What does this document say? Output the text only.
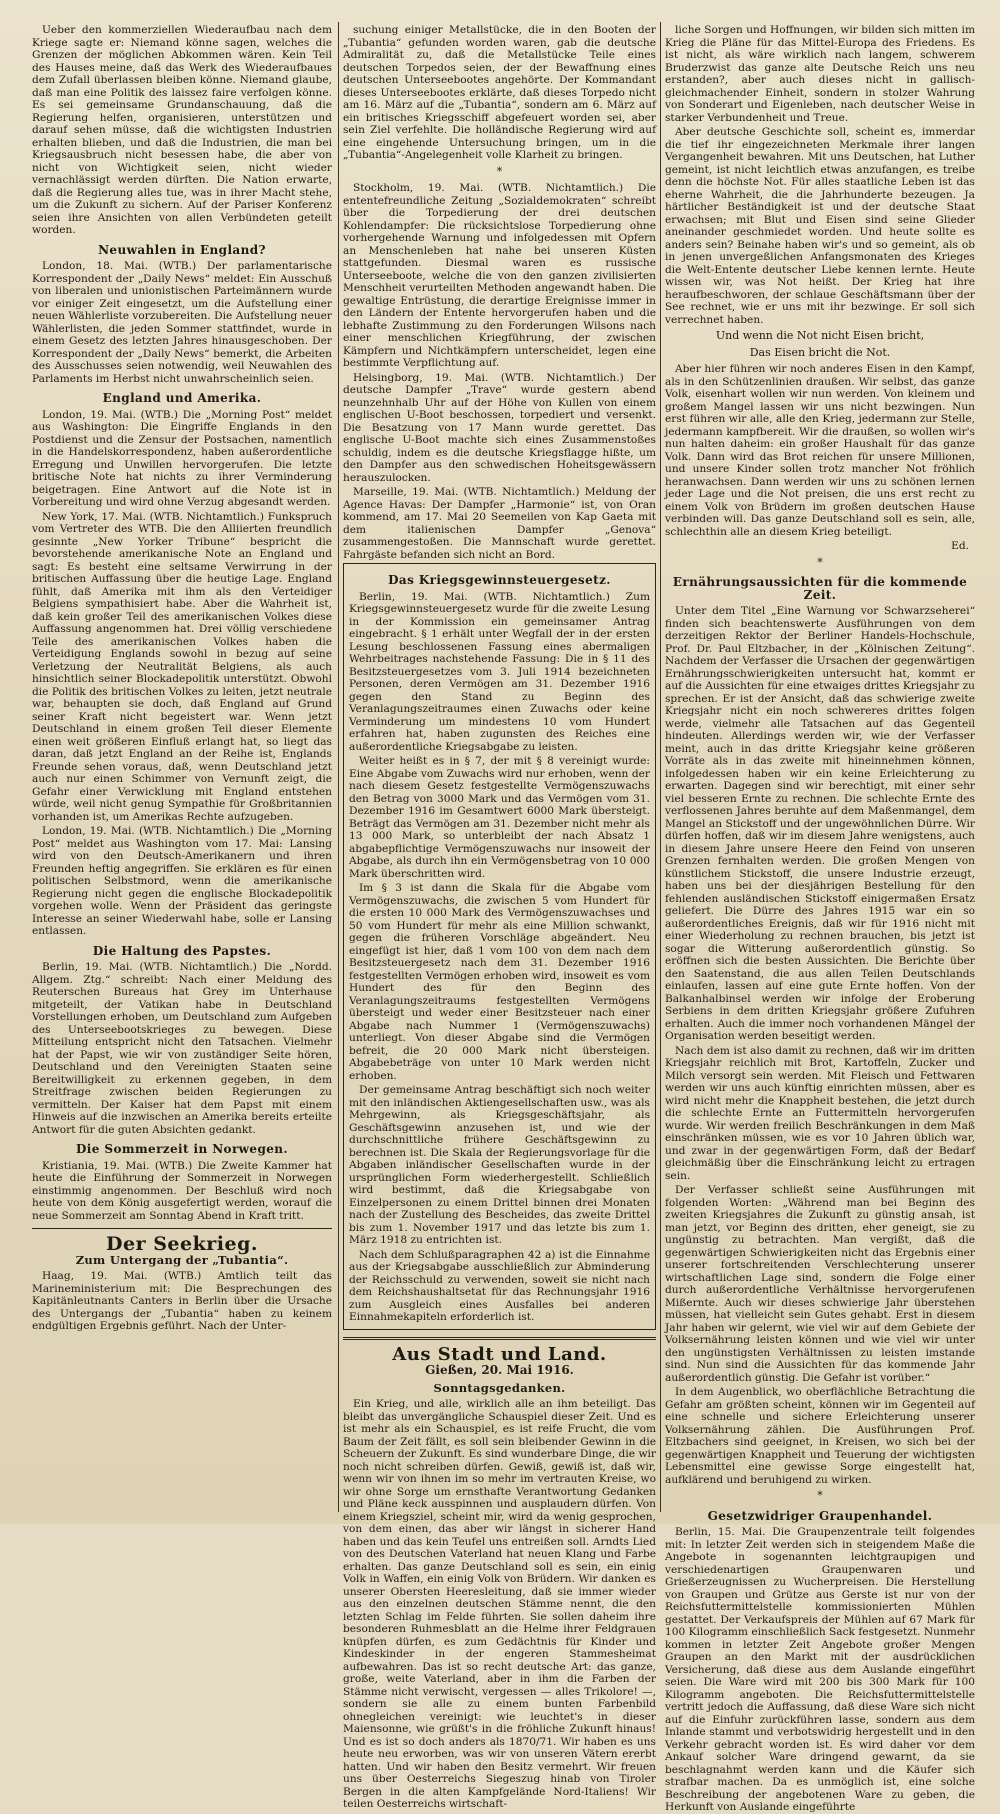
Ueber den kommerziellen Wiederaufbau nach dem Kriege sagte er: Niemand könne sagen, welches die Grenzen der möglichen Abkommen wären. Kein Teil des Hauses meine, daß das Werk des Wiederaufbaues dem Zufall überlassen bleiben könne. Niemand glaube, daß man eine Politik des laissez faire verfolgen könne. Es sei gemeinsame Grundanschauung, daß die Regierung helfen, organisieren, unterstützen und darauf sehen müsse, daß die wichtigsten Industrien erhalten blieben, und daß die Industrien, die man bei Kriegsausbruch nicht besessen habe, die aber von nicht von Wichtigkeit seien, nicht wieder vernachlässigt werden dürften. Die Nation erwarte, daß die Regierung alles tue, was in ihrer Macht stehe, um die Zukunft zu sichern. Auf der Pariser Konferenz seien ihre Ansichten von allen Verbündeten geteilt worden.

Neuwahlen in England?

London, 18. Mai. (WTB.) Der parlamentarische Korrespondent der „Daily News“ meldet: Ein Ausschuß von liberalen und unionistischen Parteimännern wurde vor einiger Zeit eingesetzt, um die Aufstellung einer neuen Wählerliste vorzubereiten. Die Aufstellung neuer Wählerlisten, die jeden Sommer stattfindet, wurde in einem Gesetz des letzten Jahres hinausgeschoben. Der Korrespondent der „Daily News“ bemerkt, die Arbeiten des Ausschusses seien notwendig, weil Neuwahlen des Parlaments im Herbst nicht unwahrscheinlich seien.

England und Amerika.

London, 19. Mai. (WTB.) Die „Morning Post“ meldet aus Washington: Die Eingriffe Englands in den Postdienst und die Zensur der Postsachen, namentlich in die Handelskorrespondenz, haben außerordentliche Erregung und Unwillen hervorgerufen. Die letzte britische Note hat nichts zu ihrer Verminderung beigetragen. Eine Antwort auf die Note ist in Vorbereitung und wird ohne Verzug abgesandt werden.

New York, 17. Mai. (WTB. Nichtamtlich.) Funkspruch vom Vertreter des WTB. Die den Alliierten freundlich gesinnte „New Yorker Tribune“ bespricht die bevorstehende amerikanische Note an England und sagt: Es besteht eine seltsame Verwirrung in der britischen Auffassung über die heutige Lage. England fühlt, daß Amerika mit ihm als den Verteidiger Belgiens sympathisiert habe. Aber die Wahrheit ist, daß kein großer Teil des amerikanischen Volkes diese Auffassung angenommen hat. Drei völlig verschiedene Teile des amerikanischen Volkes haben die Verteidigung Englands sowohl in bezug auf seine Verletzung der Neutralität Belgiens, als auch hinsichtlich seiner Blockadepolitik unterstützt. Obwohl die Politik des britischen Volkes zu leiten, jetzt neutrale war, behaupten sie doch, daß England auf Grund seiner Kraft nicht begeistert war. Wenn jetzt Deutschland in einem großen Teil dieser Elemente einen weit größeren Einfluß erlangt hat, so liegt das daran, daß jetzt England an der Reihe ist, Englands Freunde sehen voraus, daß, wenn Deutschland jetzt auch nur einen Schimmer von Vernunft zeigt, die Gefahr einer Verwicklung mit England entstehen würde, weil nicht genug Sympathie für Großbritannien vorhanden ist, um Amerikas Rechte aufzugeben.

London, 19. Mai. (WTB. Nichtamtlich.) Die „Morning Post“ meldet aus Washington vom 17. Mai: Lansing wird von den Deutsch-Amerikanern und ihren Freunden heftig angegriffen. Sie erklären es für einen politischen Selbstmord, wenn die amerikanische Regierung nicht gegen die englische Blockadepolitik vorgehen wolle. Wenn der Präsident das geringste Interesse an seiner Wiederwahl habe, solle er Lansing entlassen.

Die Haltung des Papstes.

Berlin, 19. Mai. (WTB. Nichtamtlich.) Die „Nordd. Allgem. Ztg.“ schreibt: Nach einer Meldung des Reuterschen Bureaus hat Grey im Unterhause mitgeteilt, der Vatikan habe in Deutschland Vorstellungen erhoben, um Deutschland zum Aufgeben des Unterseebootskrieges zu bewegen. Diese Mitteilung entspricht nicht den Tatsachen. Vielmehr hat der Papst, wie wir von zuständiger Seite hören, Deutschland und den Vereinigten Staaten seine Bereitwilligkeit zu erkennen gegeben, in dem Streitfrage zwischen beiden Regierungen zu vermitteln. Der Kaiser hat dem Papst mit einem Hinweis auf die inzwischen an Amerika bereits erteilte Antwort für die guten Absichten gedankt.

Die Sommerzeit in Norwegen.

Kristiania, 19. Mai. (WTB.) Die Zweite Kammer hat heute die Einführung der Sommerzeit in Norwegen einstimmig angenommen. Der Beschluß wird noch heute von dem König ausgefertigt werden, worauf die neue Sommerzeit am Sonntag Abend in Kraft tritt.

Der Seekrieg.
Zum Untergang der „Tubantia“.

Haag, 19. Mai. (WTB.) Amtlich teilt das Marineministerium mit: Die Besprechungen des Kapitänleutnants Canters in Berlin über die Ursache des Untergangs der „Tubantia“ haben zu keinem endgültigen Ergebnis geführt. Nach der Unter-

suchung einiger Metallstücke, die in den Booten der „Tubantia“ gefunden worden waren, gab die deutsche Admiralität zu, daß die Metallstücke Teile eines deutschen Torpedos seien, der der Bewaffnung eines deutschen Unterseebootes angehörte. Der Kommandant dieses Unterseebootes erklärte, daß dieses Torpedo nicht am 16. März auf die „Tubantia“, sondern am 6. März auf ein britisches Kriegsschiff abgefeuert worden sei, aber sein Ziel verfehlte. Die holländische Regierung wird auf eine eingehende Untersuchung bringen, um in die „Tubantia“-Angelegenheit volle Klarheit zu bringen.

*

Stockholm, 19. Mai. (WTB. Nichtamtlich.) Die ententefreundliche Zeitung „Sozialdemokraten“ schreibt über die Torpedierung der drei deutschen Kohlendampfer: Die rücksichtslose Torpedierung ohne vorhergehende Warnung und infolgedessen mit Opfern an Menschenleben hat nahe bei unseren Küsten stattgefunden. Diesmal waren es russische Unterseeboote, welche die von den ganzen zivilisierten Menschheit verurteilten Methoden angewandt haben. Die gewaltige Entrüstung, die derartige Ereignisse immer in den Ländern der Entente hervorgerufen haben und die lebhafte Zustimmung zu den Forderungen Wilsons nach einer menschlichen Kriegführung, der zwischen Kämpfern und Nichtkämpfern unterscheidet, legen eine bestimmte Verpflichtung auf.

Helsingborg, 19. Mai. (WTB. Nichtamtlich.) Der deutsche Dampfer „Trave“ wurde gestern abend neunzehnhalb Uhr auf der Höhe von Kullen von einem englischen U-Boot beschossen, torpediert und versenkt. Die Besatzung von 17 Mann wurde gerettet. Das englische U-Boot machte sich eines Zusammenstoßes schuldig, indem es die deutsche Kriegsflagge hißte, um den Dampfer aus den schwedischen Hoheitsgewässern herauszulocken.

Marseille, 19. Mai. (WTB. Nichtamtlich.) Meldung der Agence Havas: Der Dampfer „Harmonie“ ist, von Oran kommend, am 17. Mai 20 Seemeilen von Kap Gaeta mit dem italienischen Dampfer „Genova“ zusammengestoßen. Die Mannschaft wurde gerettet. Fahrgäste befanden sich nicht an Bord.

Das Kriegsgewinnsteuergesetz.

Berlin, 19. Mai. (WTB. Nichtamtlich.) Zum Kriegsgewinnsteuergesetz wurde für die zweite Lesung in der Kommission ein gemeinsamer Antrag eingebracht. § 1 erhält unter Wegfall der in der ersten Lesung beschlossenen Fassung eines abermaligen Wehrbeitrages nachstehende Fassung: Die in § 11 des Besitzsteuergesetzes vom 3. Juli 1914 bezeichneten Personen, deren Vermögen am 31. Dezember 1916 gegen den Stand zu Beginn des Veranlagungszeitraumes einen Zuwachs oder keine Verminderung um mindestens 10 vom Hundert erfahren hat, haben zugunsten des Reiches eine außerordentliche Kriegsabgabe zu leisten.

Weiter heißt es in § 7, der mit § 8 vereinigt wurde: Eine Abgabe vom Zuwachs wird nur erhoben, wenn der nach diesem Gesetz festgestellte Vermögenszuwachs den Betrag von 3000 Mark und das Vermögen vom 31. Dezember 1916 im Gesamtwert 6000 Mark übersteigt. Beträgt das Vermögen am 31. Dezember nicht mehr als 13 000 Mark, so unterbleibt der nach Absatz 1 abgabepflichtige Vermögenszuwachs nur insoweit der Abgabe, als durch ihn ein Vermögensbetrag von 10 000 Mark überschritten wird.

Im § 3 ist dann die Skala für die Abgabe vom Vermögenszuwachs, die zwischen 5 vom Hundert für die ersten 10 000 Mark des Vermögenszuwachses und 50 vom Hundert für mehr als eine Million schwankt, gegen die früheren Vorschläge abgeändert. Neu eingefügt ist hier, daß 1 vom 100 von dem nach dem Besitzsteuergesetz nach dem 31. Dezember 1916 festgestellten Vermögen erhoben wird, insoweit es vom Hundert des für den Beginn des Veranlagungszeitraums festgestellten Vermögens übersteigt und weder einer Besitzsteuer nach einer Abgabe nach Nummer 1 (Vermögenszuwachs) unterliegt. Von dieser Abgabe sind die Vermögen befreit, die 20 000 Mark nicht übersteigen. Abgabebeträge von unter 10 Mark werden nicht erhoben.

Der gemeinsame Antrag beschäftigt sich noch weiter mit den inländischen Aktiengesellschaften usw., was als Mehrgewinn, als Kriegsgeschäftsjahr, als Geschäftsgewinn anzusehen ist, und wie der durchschnittliche frühere Geschäftsgewinn zu berechnen ist. Die Skala der Regierungsvorlage für die Abgaben inländischer Gesellschaften wurde in der ursprünglichen Form wiederhergestellt. Schließlich wird bestimmt, daß die Kriegsabgabe von Einzelpersonen zu einem Drittel binnen drei Monaten nach der Zustellung des Bescheides, das zweite Drittel bis zum 1. November 1917 und das letzte bis zum 1. März 1918 zu entrichten ist.

Nach dem Schlußparagraphen 42 a) ist die Einnahme aus der Kriegsabgabe ausschließlich zur Abminderung der Reichsschuld zu verwenden, soweit sie nicht nach dem Reichshaushaltsetat für das Rechnungsjahr 1916 zum Ausgleich eines Ausfalles bei anderen Einnahmekapiteln erforderlich ist.

Aus Stadt und Land.
Gießen, 20. Mai 1916.
Sonntagsgedanken.

Ein Krieg, und alle, wirklich alle an ihm beteiligt. Das bleibt das unvergängliche Schauspiel dieser Zeit. Und es ist mehr als ein Schauspiel, es ist reife Frucht, die vom Baum der Zeit fällt, es soll sein bleibender Gewinn in die Scheuern der Zukunft. Es sind wunderbare Dinge, die wir noch nicht schreiben dürfen. Gewiß, gewiß ist, daß wir, wenn wir von ihnen im so mehr im vertrauten Kreise, wo wir ohne Sorge um ernsthafte Verantwortung Gedanken und Pläne keck ausspinnen und ausplaudern dürfen. Von einem Kriegsziel, scheint mir, wird da wenig gesprochen, von dem einen, das aber wir längst in sicherer Hand haben und das kein Teufel uns entreißen soll. Arndts Lied von des Deutschen Vaterland hat neuen Klang und Farbe erhalten. Das ganze Deutschland soll es sein, ein einig Volk in Waffen, ein einig Volk von Brüdern. Wir danken es unserer Obersten Heeresleitung, daß sie immer wieder aus den einzelnen deutschen Stämme nennt, die den letzten Schlag im Felde führten. Sie sollen daheim ihre besonderen Ruhmesblatt an die Helme ihrer Feldgrauen knüpfen dürfen, es zum Gedächtnis für Kinder und Kindeskinder in der engeren Stammesheimat aufbewahren. Das ist so recht deutsche Art: das ganze, große, weite Vaterland, aber in ihm die Farben der Stämme nicht verwischt, vergessen — alles Trikolore! —, sondern sie alle zu einem bunten Farbenbild ohnegleichen vereinigt: wie leuchtet's in dieser Maiensonne, wie grüßt's in die fröhliche Zukunft hinaus! Und es ist so doch anders als 1870/71. Wir haben es uns heute neu erworben, was wir von unseren Vätern ererbt hatten. Und wir haben den Besitz vermehrt. Wir freuen uns über Oesterreichs Siegeszug hinab von Tiroler Bergen in die alten Kampfgelände Nord-Italiens! Wir teilen Oesterreichs wirtschaft-

liche Sorgen und Hoffnungen, wir bilden sich mitten im Krieg die Pläne für das Mittel-Europa des Friedens. Es ist nicht, als wäre wirklich nach langem, schwerem Bruderzwist das ganze alte Deutsche Reich uns neu erstanden?, aber auch dieses nicht in gallisch-gleichmachender Einheit, sondern in stolzer Wahrung von Sonderart und Eigenleben, nach deutscher Weise in starker Verbundenheit und Treue.

Aber deutsche Geschichte soll, scheint es, immerdar die tief ihr eingezeichneten Merkmale ihrer langen Vergangenheit bewahren. Mit uns Deutschen, hat Luther gemeint, ist nicht leichtlich etwas anzufangen, es treibe denn die höchste Not. Für alles staatliche Leben ist das eherne Wahrheit, die die Jahrhunderte bezeugen. Ja härtlicher Beständigkeit ist und der deutsche Staat erwachsen; mit Blut und Eisen sind seine Glieder aneinander geschmiedet worden. Und heute sollte es anders sein? Beinahe haben wir's und so gemeint, als ob in jenen unvergeßlichen Anfangsmonaten des Krieges die Welt-Entente deutscher Liebe kennen lernte. Heute wissen wir, was Not heißt. Der Krieg hat ihre heraufbeschworen, der schlaue Geschäftsmann über der See rechnet, wie er uns mit ihr bezwinge. Er soll sich verrechnet haben.

Und wenn die Not nicht Eisen bricht,
Das Eisen bricht die Not.

Aber hier führen wir noch anderes Eisen in den Kampf, als in den Schützenlinien draußen. Wir selbst, das ganze Volk, eisenhart wollen wir nun werden. Von kleinem und großem Mangel lassen wir uns nicht bezwingen. Nun erst führen wir alle, alle den Krieg, jedermann zur Stelle, jedermann kampfbereit. Wir die draußen, so wollen wir's nun halten daheim: ein großer Haushalt für das ganze Volk. Dann wird das Brot reichen für unsere Millionen, und unsere Kinder sollen trotz mancher Not fröhlich heranwachsen. Dann werden wir uns zu schönen lernen jeder Lage und die Not preisen, die uns erst recht zu einem Volk von Brüdern im großen deutschen Hause verbinden will. Das ganze Deutschland soll es sein, alle, schlechthin alle an diesem Krieg beteiligt.

Ed.
*
Ernährungsaussichten für die kommende Zeit.

Unter dem Titel „Eine Warnung vor Schwarzseherei“ finden sich beachtenswerte Ausführungen von dem derzeitigen Rektor der Berliner Handels-Hochschule, Prof. Dr. Paul Eltzbacher, in der „Kölnischen Zeitung“. Nachdem der Verfasser die Ursachen der gegenwärtigen Ernährungsschwierigkeiten untersucht hat, kommt er auf die Aussichten für eine etwaiges drittes Kriegsjahr zu sprechen. Er ist der Ansicht, daß das schwierige zweite Kriegsjahr nicht ein noch schwereres drittes folgen werde, vielmehr alle Tatsachen auf das Gegenteil hindeuten. Allerdings werden wir, wie der Verfasser meint, auch in das dritte Kriegsjahr keine größeren Vorräte als in das zweite mit hineinnehmen können, infolgedessen haben wir ein keine Erleichterung zu erwarten. Dagegen sind wir berechtigt, mit einer sehr viel besseren Ernte zu rechnen. Die schlechte Ernte des verflossenen Jahres beruhte auf dem Maßenmangel, dem Mangel an Stickstoff und der ungewöhnlichen Dürre. Wir dürfen hoffen, daß wir im diesem Jahre wenigstens, auch in diesem Jahre unsere Heere den Feind von unseren Grenzen fernhalten werden. Die großen Mengen von künstlichem Stickstoff, die unsere Industrie erzeugt, haben uns bei der diesjährigen Bestellung für den fehlenden ausländischen Stickstoff einigermaßen Ersatz geliefert. Die Dürre des Jahres 1915 war ein so außerordentliches Ereignis, daß wir für 1916 nicht mit einer Wiederholung zu rechnen brauchen, bis jetzt ist sogar die Witterung außerordentlich günstig. So eröffnen sich die besten Aussichten. Die Berichte über den Saatenstand, die aus allen Teilen Deutschlands einlaufen, lassen auf eine gute Ernte hoffen. Von der Balkanhalbinsel werden wir infolge der Eroberung Serbiens in dem dritten Kriegsjahr größere Zufuhren erhalten. Auch die immer noch vorhandenen Mängel der Organisation werden beseitigt werden.

Nach dem ist also damit zu rechnen, daß wir im dritten Kriegsjahr reichlich mit Brot, Kartoffeln, Zucker und Milch versorgt sein werden. Mit Fleisch und Fettwaren werden wir uns auch künftig einrichten müssen, aber es wird nicht mehr die Knappheit bestehen, die jetzt durch die schlechte Ernte an Futtermitteln hervorgerufen wurde. Wir werden freilich Beschränkungen in dem Maß einschränken müssen, wie es vor 10 Jahren üblich war, und zwar in der gegenwärtigen Form, daß der Bedarf gleichmäßig über die Einschränkung leicht zu ertragen sein.

Der Verfasser schließt seine Ausführungen mit folgenden Worten: „Während man bei Beginn des zweiten Kriegsjahres die Zukunft zu günstig ansah, ist man jetzt, vor Beginn des dritten, eher geneigt, sie zu ungünstig zu betrachten. Man vergißt, daß die gegenwärtigen Schwierigkeiten nicht das Ergebnis einer unserer fortschreitenden Verschlechterung unserer wirtschaftlichen Lage sind, sondern die Folge einer durch außerordentliche Verhältnisse hervorgerufenen Mißernte. Auch wir dieses schwierige Jahr überstehen müssen, hat vielleicht sein Gutes gehabt. Erst in diesem Jahr haben wir gelernt, wie viel wir auf dem Gebiete der Volksernährung leisten können und wie viel wir unter den ungünstigsten Verhältnissen zu leisten imstande sind. Nun sind die Aussichten für das kommende Jahr außerordentlich günstig. Die Gefahr ist vorüber.“

In dem Augenblick, wo oberflächliche Betrachtung die Gefahr am größten scheint, können wir im Gegenteil auf eine schnelle und sichere Erleichterung unserer Volksernährung zählen. Die Ausführungen Prof. Eltzbachers sind geeignet, in Kreisen, wo sich bei der gegenwärtigen Knappheit und Teuerung der wichtigsten Lebensmittel eine gewisse Sorge eingestellt hat, aufklärend und beruhigend zu wirken.

*
Gesetzwidriger Graupenhandel.

Berlin, 15. Mai. Die Graupenzentrale teilt folgendes mit: In letzter Zeit werden sich in steigendem Maße die Angebote in sogenannten leichtgraupigen und verschiedenartigen Graupenwaren und Grießerzeugnissen zu Wucherpreisen. Die Herstellung von Graupen und Grütze aus Gerste ist nur von der Reichsfuttermittelstelle kommissionierten Mühlen gestattet. Der Verkaufspreis der Mühlen auf 67 Mark für 100 Kilogramm einschließlich Sack festgesetzt. Nunmehr kommen in letzter Zeit Angebote großer Mengen Graupen an den Markt mit der ausdrücklichen Versicherung, daß diese aus dem Auslande eingeführt seien. Die Ware wird mit 200 bis 300 Mark für 100 Kilogramm angeboten. Die Reichsfuttermittelstelle vertritt jedoch die Auffassung, daß diese Ware sich nicht auf die Einfuhr zurückführen lasse, sondern aus dem Inlande stammt und verbotswidrig hergestellt und in den Verkehr gebracht worden ist. Es wird daher vor dem Ankauf solcher Ware dringend gewarnt, da sie beschlagnahmt werden kann und die Käufer sich strafbar machen. Da es unmöglich ist, eine solche Beschreibung der angebotenen Ware zu geben, die Herkunft von Auslande eingeführte
